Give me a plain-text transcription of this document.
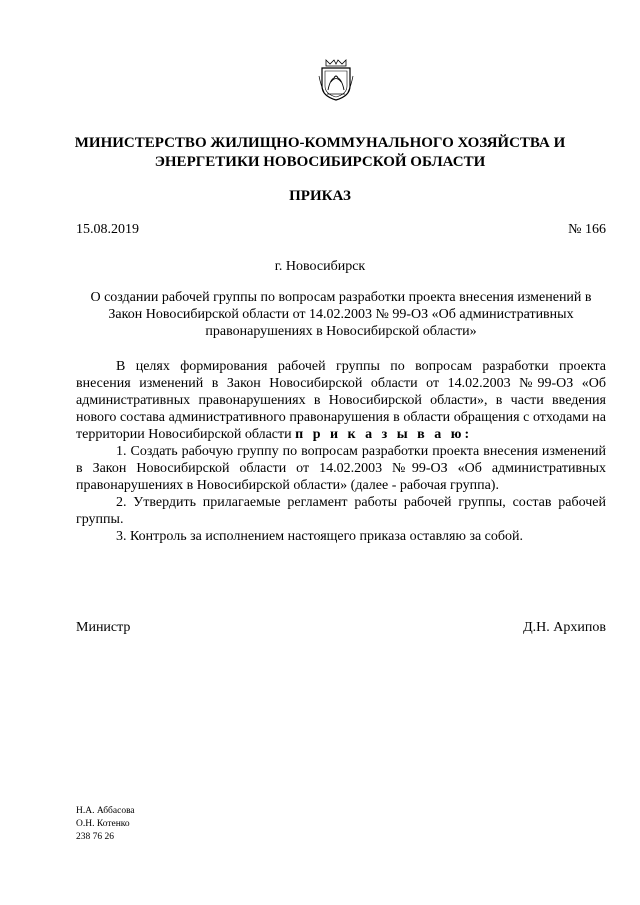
МИНИСТЕРСТВО ЖИЛИЩНО-КОММУНАЛЬНОГО ХОЗЯЙСТВА И ЭНЕРГЕТИКИ НОВОСИБИРСКОЙ ОБЛАСТИ
ПРИКАЗ
15.08.2019	№ 166
г. Новосибирск
О создании рабочей группы по вопросам разработки проекта внесения изменений в Закон Новосибирской области от 14.02.2003 № 99-ОЗ «Об административных правонарушениях в Новосибирской области»

В целях формирования рабочей группы по вопросам разработки проекта внесения изменений в Закон Новосибирской области от 14.02.2003 №99-ОЗ «Об административных правонарушениях в Новосибирской области», в части введения нового состава административного правонарушения в области обращения с отходами на территории Новосибирской области п р и к а з ы в а ю:

1. Создать рабочую группу по вопросам разработки проекта внесения изменений в Закон Новосибирской области от 14.02.2003 №99-ОЗ «Об административных правонарушениях в Новосибирской области» (далее - рабочая группа).

2. Утвердить прилагаемые регламент работы рабочей группы, состав рабочей группы.

3. Контроль за исполнением настоящего приказа оставляю за собой.

Министр	Д.Н. Архипов
Н.А. Аббасова
О.Н. Котенко
238 76 26
